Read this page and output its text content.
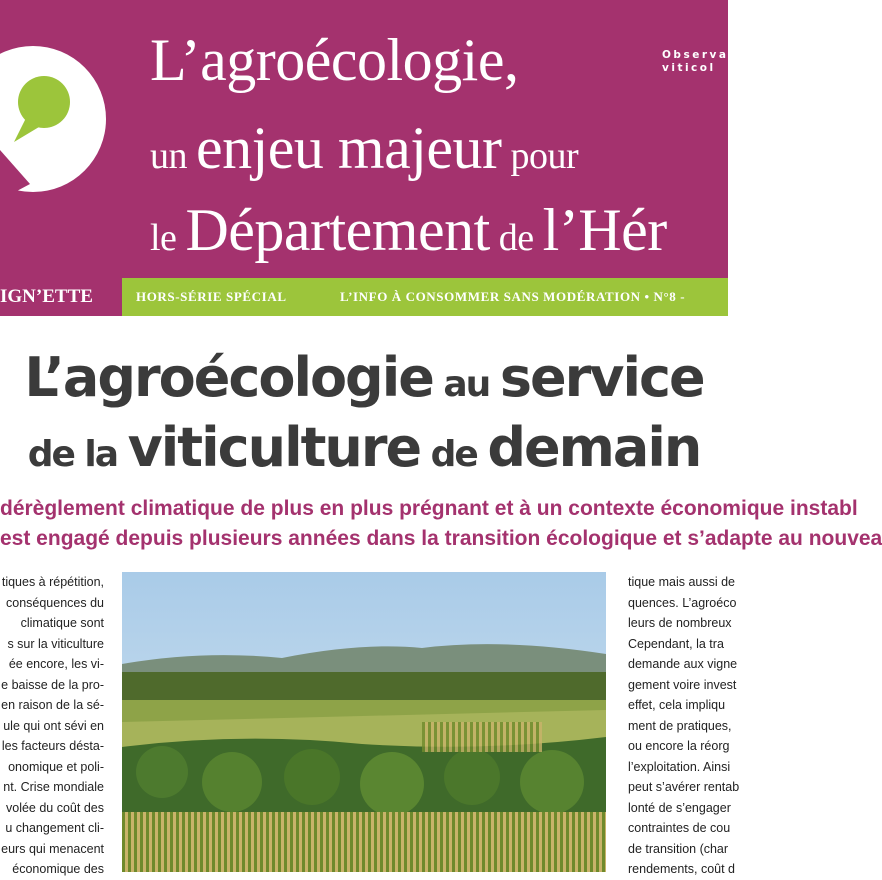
L’agroécologie,
un enjeu majeur pour
le Département de l’Hér
Observato
viticol
IGN’ETTE	HORS-SÉRIE SPÉCIAL	L’INFO À CONSOMMER SANS MODÉRATION • N°8 -
L’agroécologie au service
de la viticulture de demain
dérèglement climatique de plus en plus prégnant et à un contexte économique instabl
est engagé depuis plusieurs années dans la transition écologique et s’adapte au nouvea
tiques à répétition,
conséquences du
climatique sont
s sur la viticulture
ée encore, les vi-
e baisse de la pro-
en raison de la sé-
ule qui ont sévi en
les facteurs désta-
onomique et poli-
nt. Crise mondiale
volée du coût des
u changement cli-
eurs qui menacent
économique des
tique mais aussi de
quences. L’agroéco
leurs de nombreux
Cependant, la tra
demande aux vigne
gement voire invest
effet, cela impliqu
ment de pratiques,
ou encore la réorg
l’exploitation. Ainsi
peut s’avérer rentab
lonté de s’engager
contraintes de cou
de transition (char
rendements, coût d
